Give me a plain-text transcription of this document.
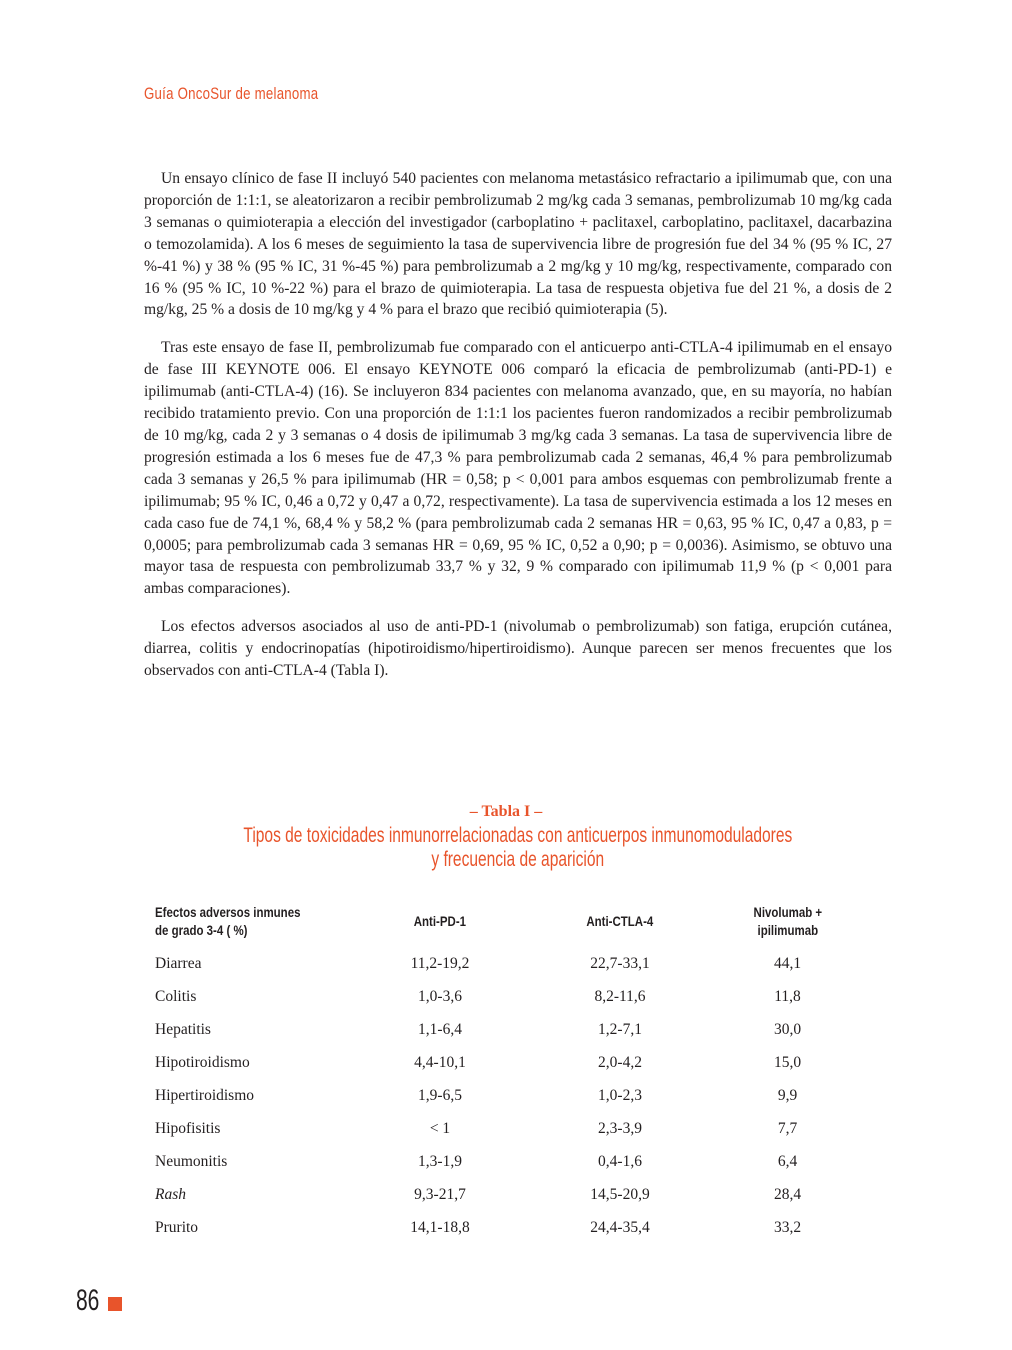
Guía OncoSur de melanoma

Un ensayo clínico de fase II incluyó 540 pacientes con melanoma metastásico refractario a ipilimumab que, con una proporción de 1:1:1, se aleatorizaron a recibir pembrolizumab 2 mg/kg cada 3 semanas, pembrolizumab 10 mg/kg cada 3 semanas o quimioterapia a elección del investigador (carboplatino + paclitaxel, carboplatino, paclitaxel, dacarbazina o temozolamida). A los 6 meses de seguimiento la tasa de supervivencia libre de progresión fue del 34 % (95 % IC, 27 %-41 %) y 38 % (95 % IC, 31 %-45 %) para pembrolizumab a 2 mg/kg y 10 mg/kg, respectivamente, comparado con 16 % (95 % IC, 10 %-22 %) para el brazo de quimioterapia. La tasa de respuesta objetiva fue del 21 %, a dosis de 2 mg/kg, 25 % a dosis de 10 mg/kg y 4 % para el brazo que recibió quimioterapia (5).

Tras este ensayo de fase II, pembrolizumab fue comparado con el anticuerpo anti-CTLA-4 ipilimumab en el ensayo de fase III KEYNOTE 006. El ensayo KEYNOTE 006 comparó la eficacia de pembrolizumab (anti-PD-1) e ipilimumab (anti-CTLA-4) (16). Se incluyeron 834 pacientes con melanoma avanzado, que, en su mayoría, no habían recibido tratamiento previo. Con una proporción de 1:1:1 los pacientes fueron randomizados a recibir pembrolizumab de 10 mg/kg, cada 2 y 3 semanas o 4 dosis de ipilimumab 3 mg/kg cada 3 semanas. La tasa de supervivencia libre de progresión estimada a los 6 meses fue de 47,3 % para pembrolizumab cada 2 semanas, 46,4 % para pembrolizumab cada 3 semanas y 26,5 % para ipilimumab (HR = 0,58; p < 0,001 para ambos esquemas con pembrolizumab frente a ipilimumab; 95 % IC, 0,46 a 0,72 y 0,47 a 0,72, respectivamente). La tasa de supervivencia estimada a los 12 meses en cada caso fue de 74,1 %, 68,4 % y 58,2 % (para pembrolizumab cada 2 semanas HR = 0,63, 95 % IC, 0,47 a 0,83, p = 0,0005; para pembrolizumab cada 3 semanas HR = 0,69, 95 % IC, 0,52 a 0,90; p = 0,0036). Asimismo, se obtuvo una mayor tasa de respuesta con pembrolizumab 33,7 % y 32, 9 % comparado con ipilimumab 11,9 % (p < 0,001 para ambas comparaciones).

Los efectos adversos asociados al uso de anti-PD-1 (nivolumab o pembrolizumab) son fatiga, erupción cutánea, diarrea, colitis y endocrinopatías (hipotiroidismo/hipertiroidismo). Aunque parecen ser menos frecuentes que los observados con anti-CTLA-4 (Tabla I).

– Tabla I –
Tipos de toxicidades inmunorrelacionadas con anticuerpos inmunomoduladores
y frecuencia de aparición
Efectos adversos inmunes
de grado 3-4 ( %)	Anti-PD-1	Anti-CTLA-4	Nivolumab +
ipilimumab
Diarrea	11,2-19,2	22,7-33,1	44,1
Colitis	1,0-3,6	8,2-11,6	11,8
Hepatitis	1,1-6,4	1,2-7,1	30,0
Hipotiroidismo	4,4-10,1	2,0-4,2	15,0
Hipertiroidismo	1,9-6,5	1,0-2,3	9,9
Hipofisitis	< 1	2,3-3,9	7,7
Neumonitis	1,3-1,9	0,4-1,6	6,4
Rash	9,3-21,7	14,5-20,9	28,4
Prurito	14,1-18,8	24,4-35,4	33,2
86
